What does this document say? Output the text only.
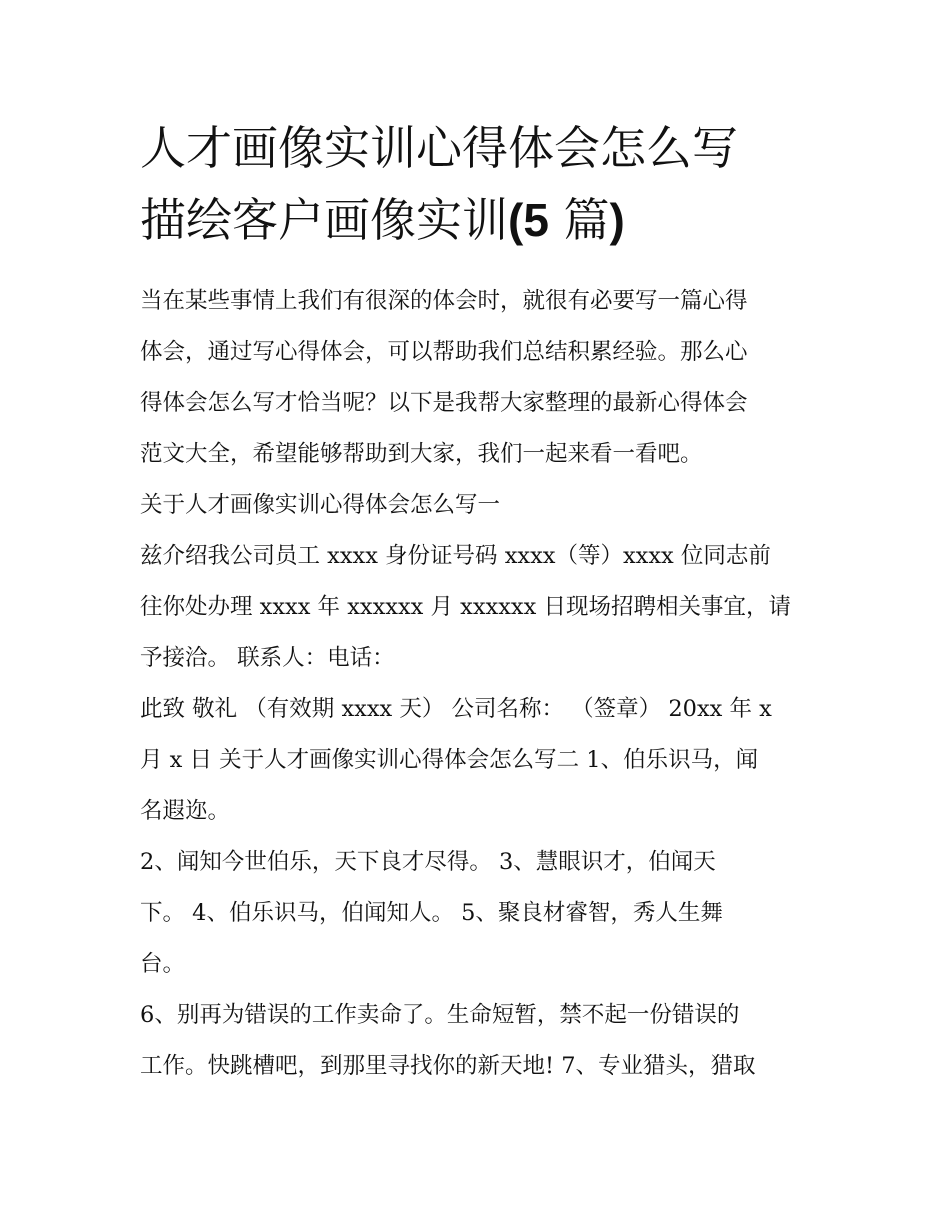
人才画像实训心得体会怎么写
描绘客户画像实训(5 篇)
当在某些事情上我们有很深的体会时，就很有必要写一篇心得
体会，通过写心得体会，可以帮助我们总结积累经验。那么心
得体会怎么写才恰当呢？以下是我帮大家整理的最新心得体会
范文大全，希望能够帮助到大家，我们一起来看一看吧。
关于人才画像实训心得体会怎么写一
兹介绍我公司员工 xxxx 身份证号码 xxxx（等）xxxx 位同志前
往你处办理 xxxx 年 xxxxxx 月 xxxxxx 日现场招聘相关事宜，请
予接洽。 联系人：电话：
此致 敬礼 （有效期 xxxx 天） 公司名称： （签章） 20xx 年 x
月 x 日 关于人才画像实训心得体会怎么写二 1、伯乐识马，闻
名遐迩。
2、闻知今世伯乐，天下良才尽得。 3、慧眼识才，伯闻天
下。 4、伯乐识马，伯闻知人。 5、聚良材睿智，秀人生舞
台。
6、别再为错误的工作卖命了。生命短暂，禁不起一份错误的
工作。快跳槽吧，到那里寻找你的新天地! 7、专业猎头，猎取
